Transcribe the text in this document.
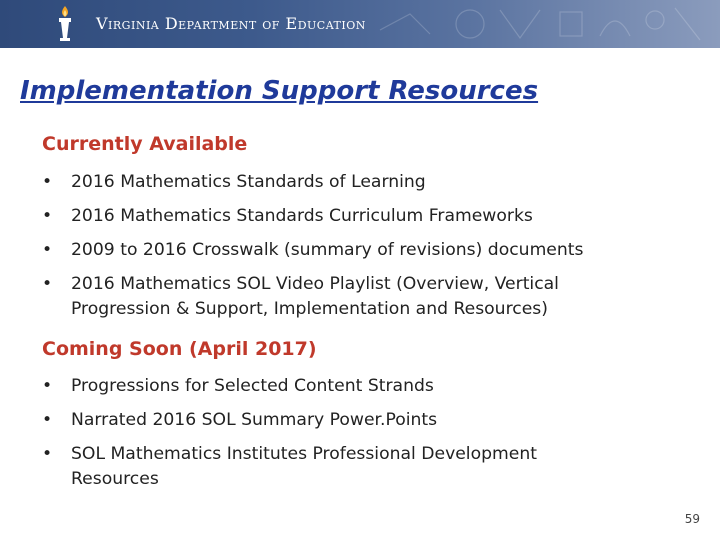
Virginia Department of Education
Implementation Support Resources
Currently Available
• 2016 Mathematics Standards of Learning
• 2016 Mathematics Standards Curriculum Frameworks
• 2009 to 2016 Crosswalk (summary of revisions) documents
• 2016 Mathematics SOL Video Playlist (Overview, Vertical
Progression & Support, Implementation and Resources)
Coming Soon (April 2017)
• Progressions for Selected Content Strands
• Narrated 2016 SOL Summary Power.Points
• SOL Mathematics Institutes Professional Development
Resources
59
